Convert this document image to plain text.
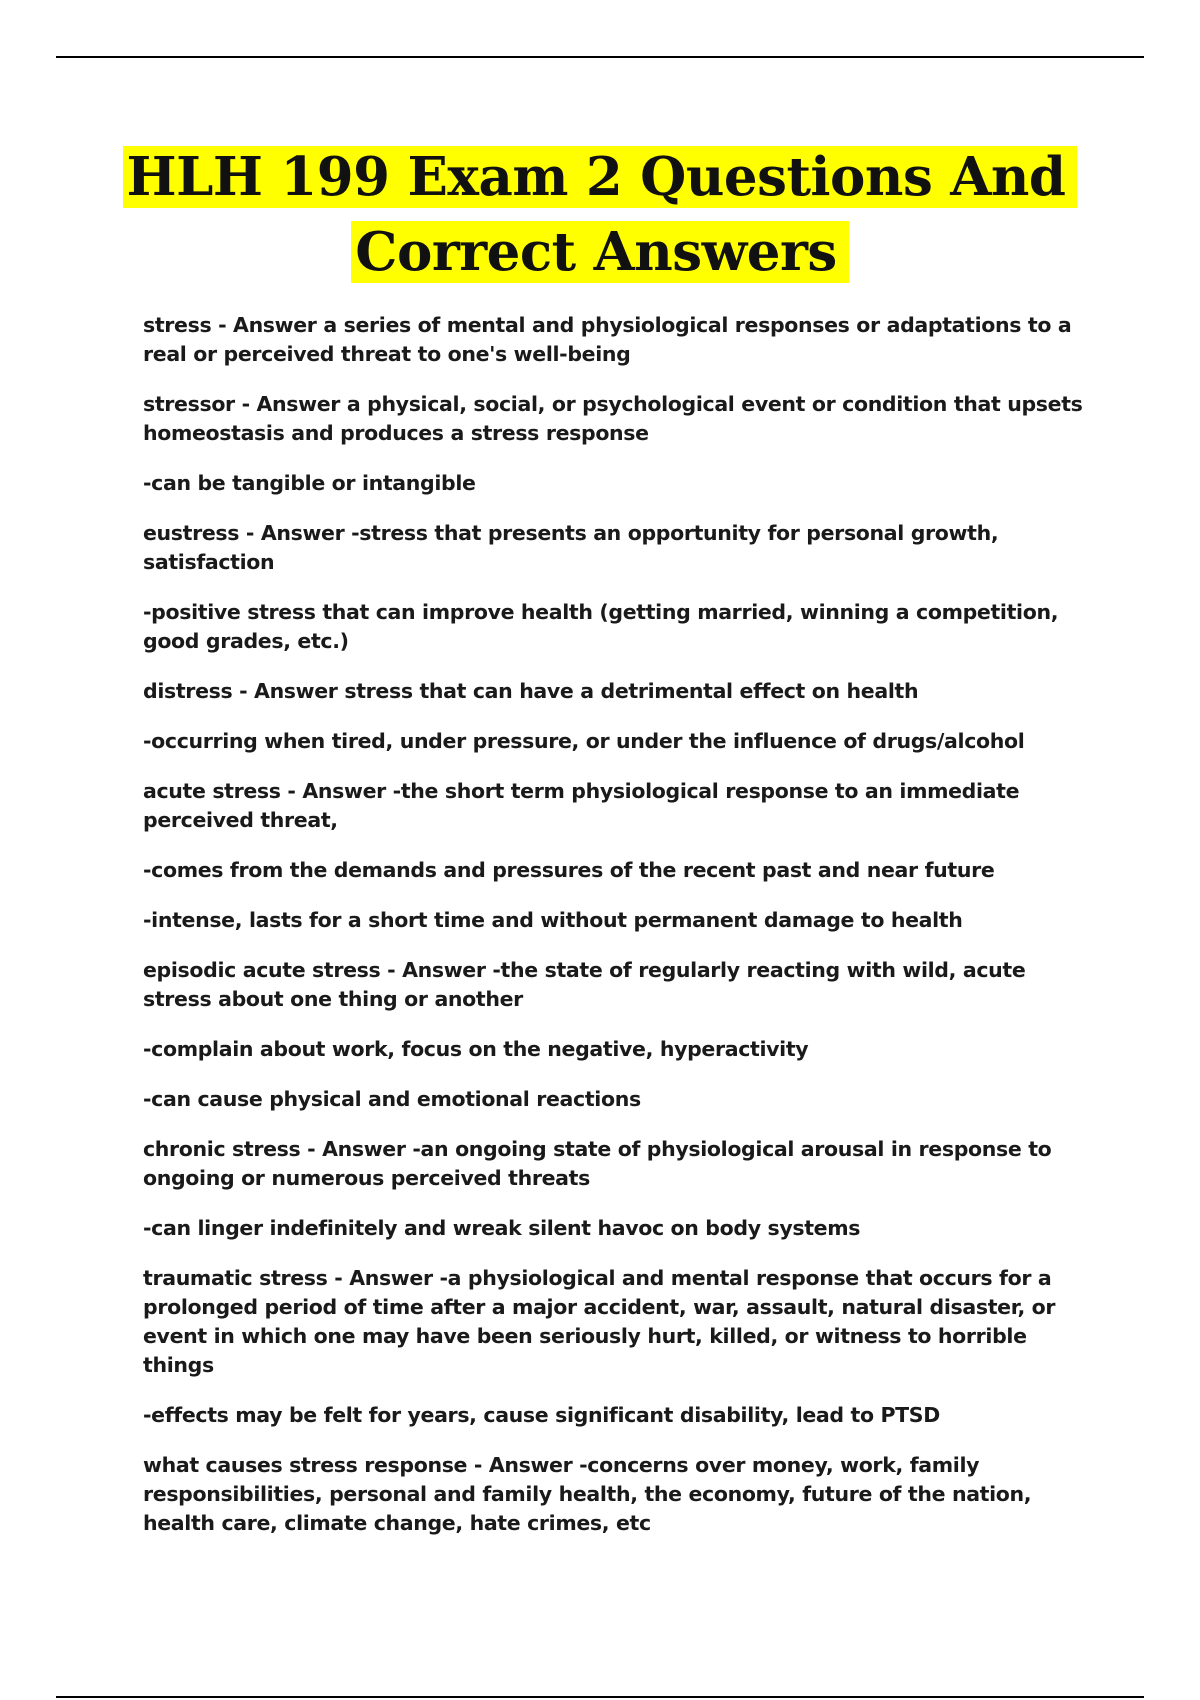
HLH 199 Exam 2 Questions And
Correct Answers

stress - Answer a series of mental and physiological responses or adaptations to a real or perceived threat to one's well-being

stressor - Answer a physical, social, or psychological event or condition that upsets homeostasis and produces a stress response

-can be tangible or intangible

eustress - Answer -stress that presents an opportunity for personal growth, satisfaction

-positive stress that can improve health (getting married, winning a competition, good grades, etc.)

distress - Answer stress that can have a detrimental effect on health

-occurring when tired, under pressure, or under the influence of drugs/alcohol

acute stress - Answer -the short term physiological response to an immediate perceived threat,

-comes from the demands and pressures of the recent past and near future

-intense, lasts for a short time and without permanent damage to health

episodic acute stress - Answer -the state of regularly reacting with wild, acute stress about one thing or another

-complain about work, focus on the negative, hyperactivity

-can cause physical and emotional reactions

chronic stress - Answer -an ongoing state of physiological arousal in response to ongoing or numerous perceived threats

-can linger indefinitely and wreak silent havoc on body systems

traumatic stress - Answer -a physiological and mental response that occurs for a prolonged period of time after a major accident, war, assault, natural disaster, or event in which one may have been seriously hurt, killed, or witness to horrible things

-effects may be felt for years, cause significant disability, lead to PTSD

what causes stress response - Answer -concerns over money, work, family responsibilities, personal and family health, the economy, future of the nation, health care, climate change, hate crimes, etc
